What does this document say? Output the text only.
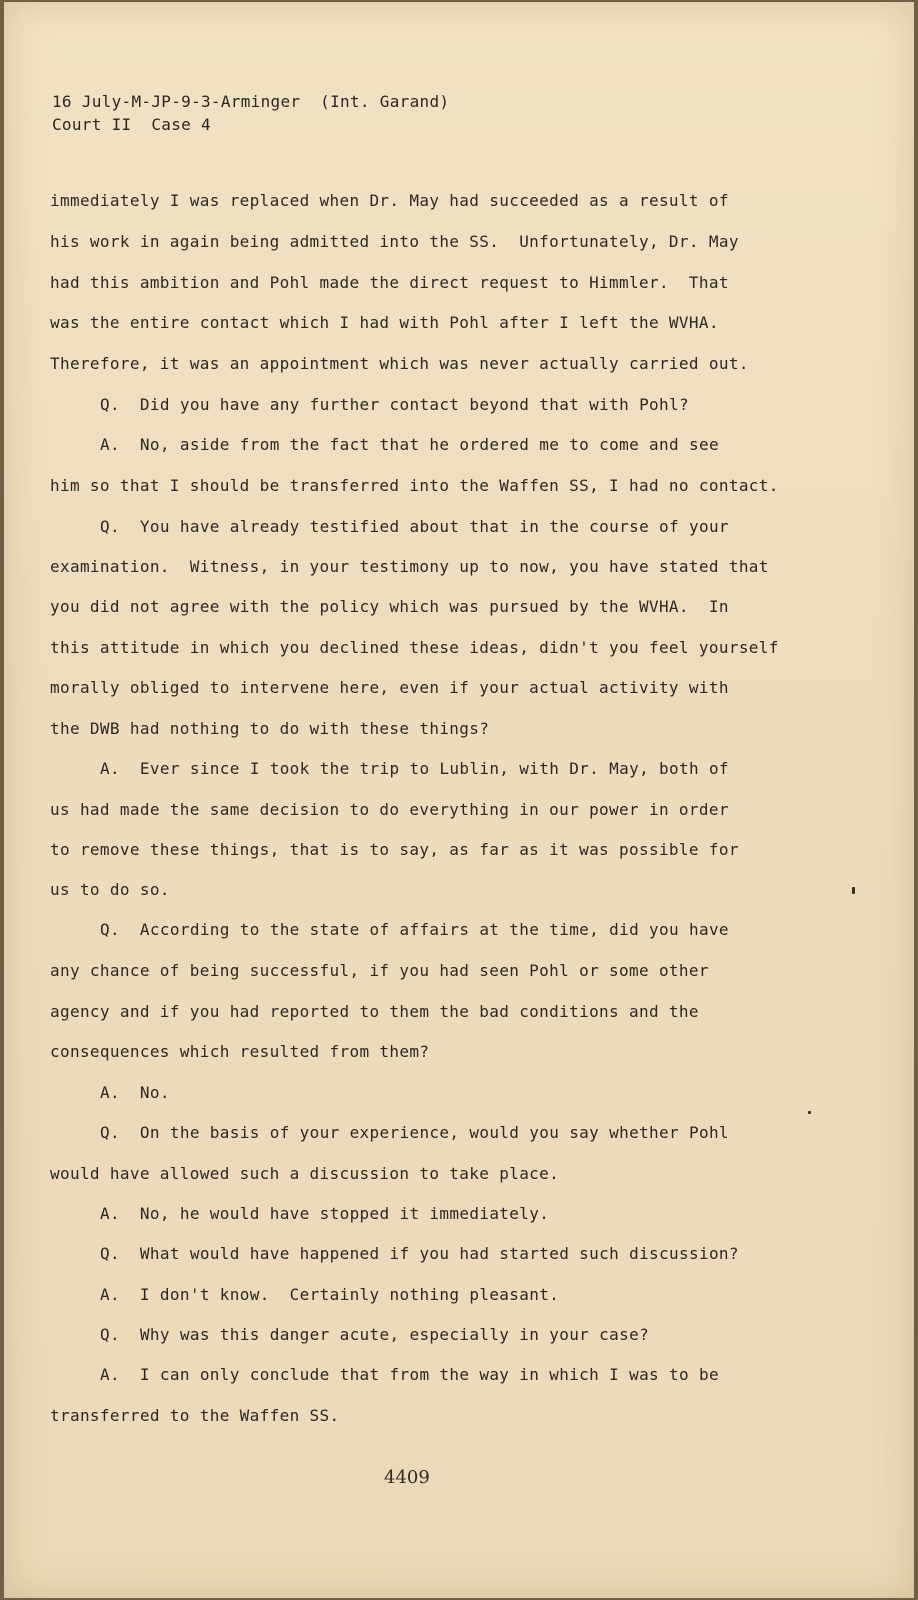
16 July-M-JP-9-3-Arminger  (Int. Garand)
Court II  Case 4
immediately I was replaced when Dr. May had succeeded as a result of
his work in again being admitted into the SS.  Unfortunately, Dr. May
had this ambition and Pohl made the direct request to Himmler.  That
was the entire contact which I had with Pohl after I left the WVHA.
Therefore, it was an appointment which was never actually carried out.
Q.  Did you have any further contact beyond that with Pohl?
A.  No, aside from the fact that he ordered me to come and see
him so that I should be transferred into the Waffen SS, I had no contact.
Q.  You have already testified about that in the course of your
examination.  Witness, in your testimony up to now, you have stated that
you did not agree with the policy which was pursued by the WVHA.  In
this attitude in which you declined these ideas, didn't you feel yourself
morally obliged to intervene here, even if your actual activity with
the DWB had nothing to do with these things?
A.  Ever since I took the trip to Lublin, with Dr. May, both of
us had made the same decision to do everything in our power in order
to remove these things, that is to say, as far as it was possible for
us to do so.
Q.  According to the state of affairs at the time, did you have
any chance of being successful, if you had seen Pohl or some other
agency and if you had reported to them the bad conditions and the
consequences which resulted from them?
A.  No.
Q.  On the basis of your experience, would you say whether Pohl
would have allowed such a discussion to take place.
A.  No, he would have stopped it immediately.
Q.  What would have happened if you had started such discussion?
A.  I don't know.  Certainly nothing pleasant.
Q.  Why was this danger acute, especially in your case?
A.  I can only conclude that from the way in which I was to be
transferred to the Waffen SS.
4409
